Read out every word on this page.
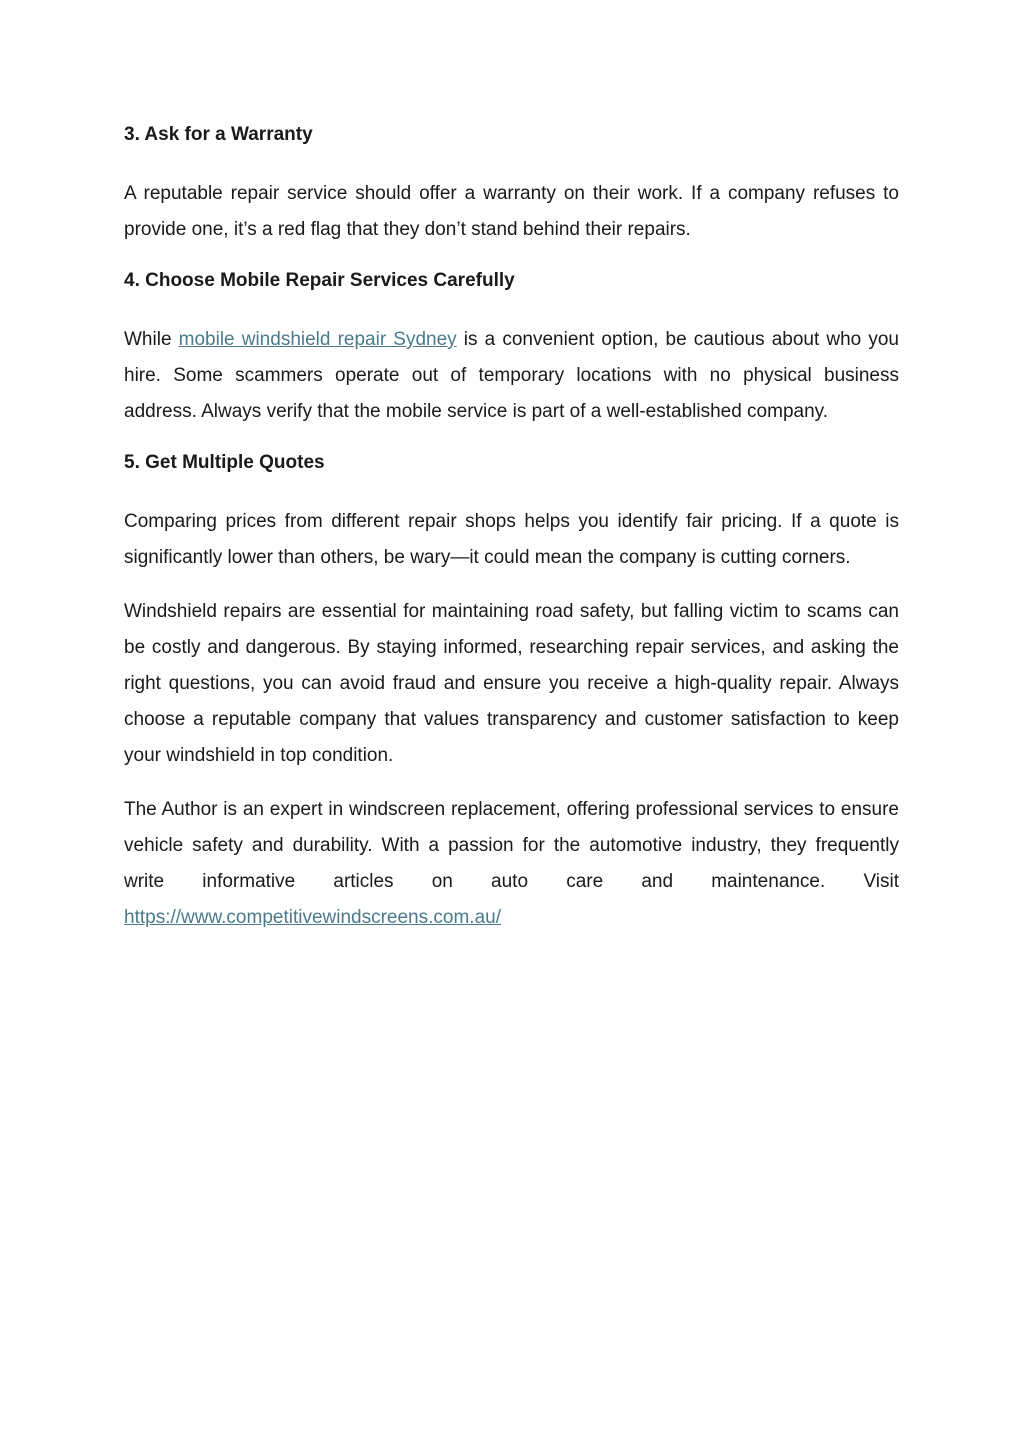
3. Ask for a Warranty

A reputable repair service should offer a warranty on their work. If a company refuses to provide one, it’s a red flag that they don’t stand behind their repairs.

4. Choose Mobile Repair Services Carefully

While mobile windshield repair Sydney is a convenient option, be cautious about who you hire. Some scammers operate out of temporary locations with no physical business address. Always verify that the mobile service is part of a well-established company.

5. Get Multiple Quotes

Comparing prices from different repair shops helps you identify fair pricing. If a quote is significantly lower than others, be wary—it could mean the company is cutting corners.

Windshield repairs are essential for maintaining road safety, but falling victim to scams can be costly and dangerous. By staying informed, researching repair services, and asking the right questions, you can avoid fraud and ensure you receive a high-quality repair. Always choose a reputable company that values transparency and customer satisfaction to keep your windshield in top condition.

The Author is an expert in windscreen replacement, offering professional services to ensure vehicle safety and durability. With a passion for the automotive industry, they frequently write informative articles on auto care and maintenance. Visit https://www.competitivewindscreens.com.au/
